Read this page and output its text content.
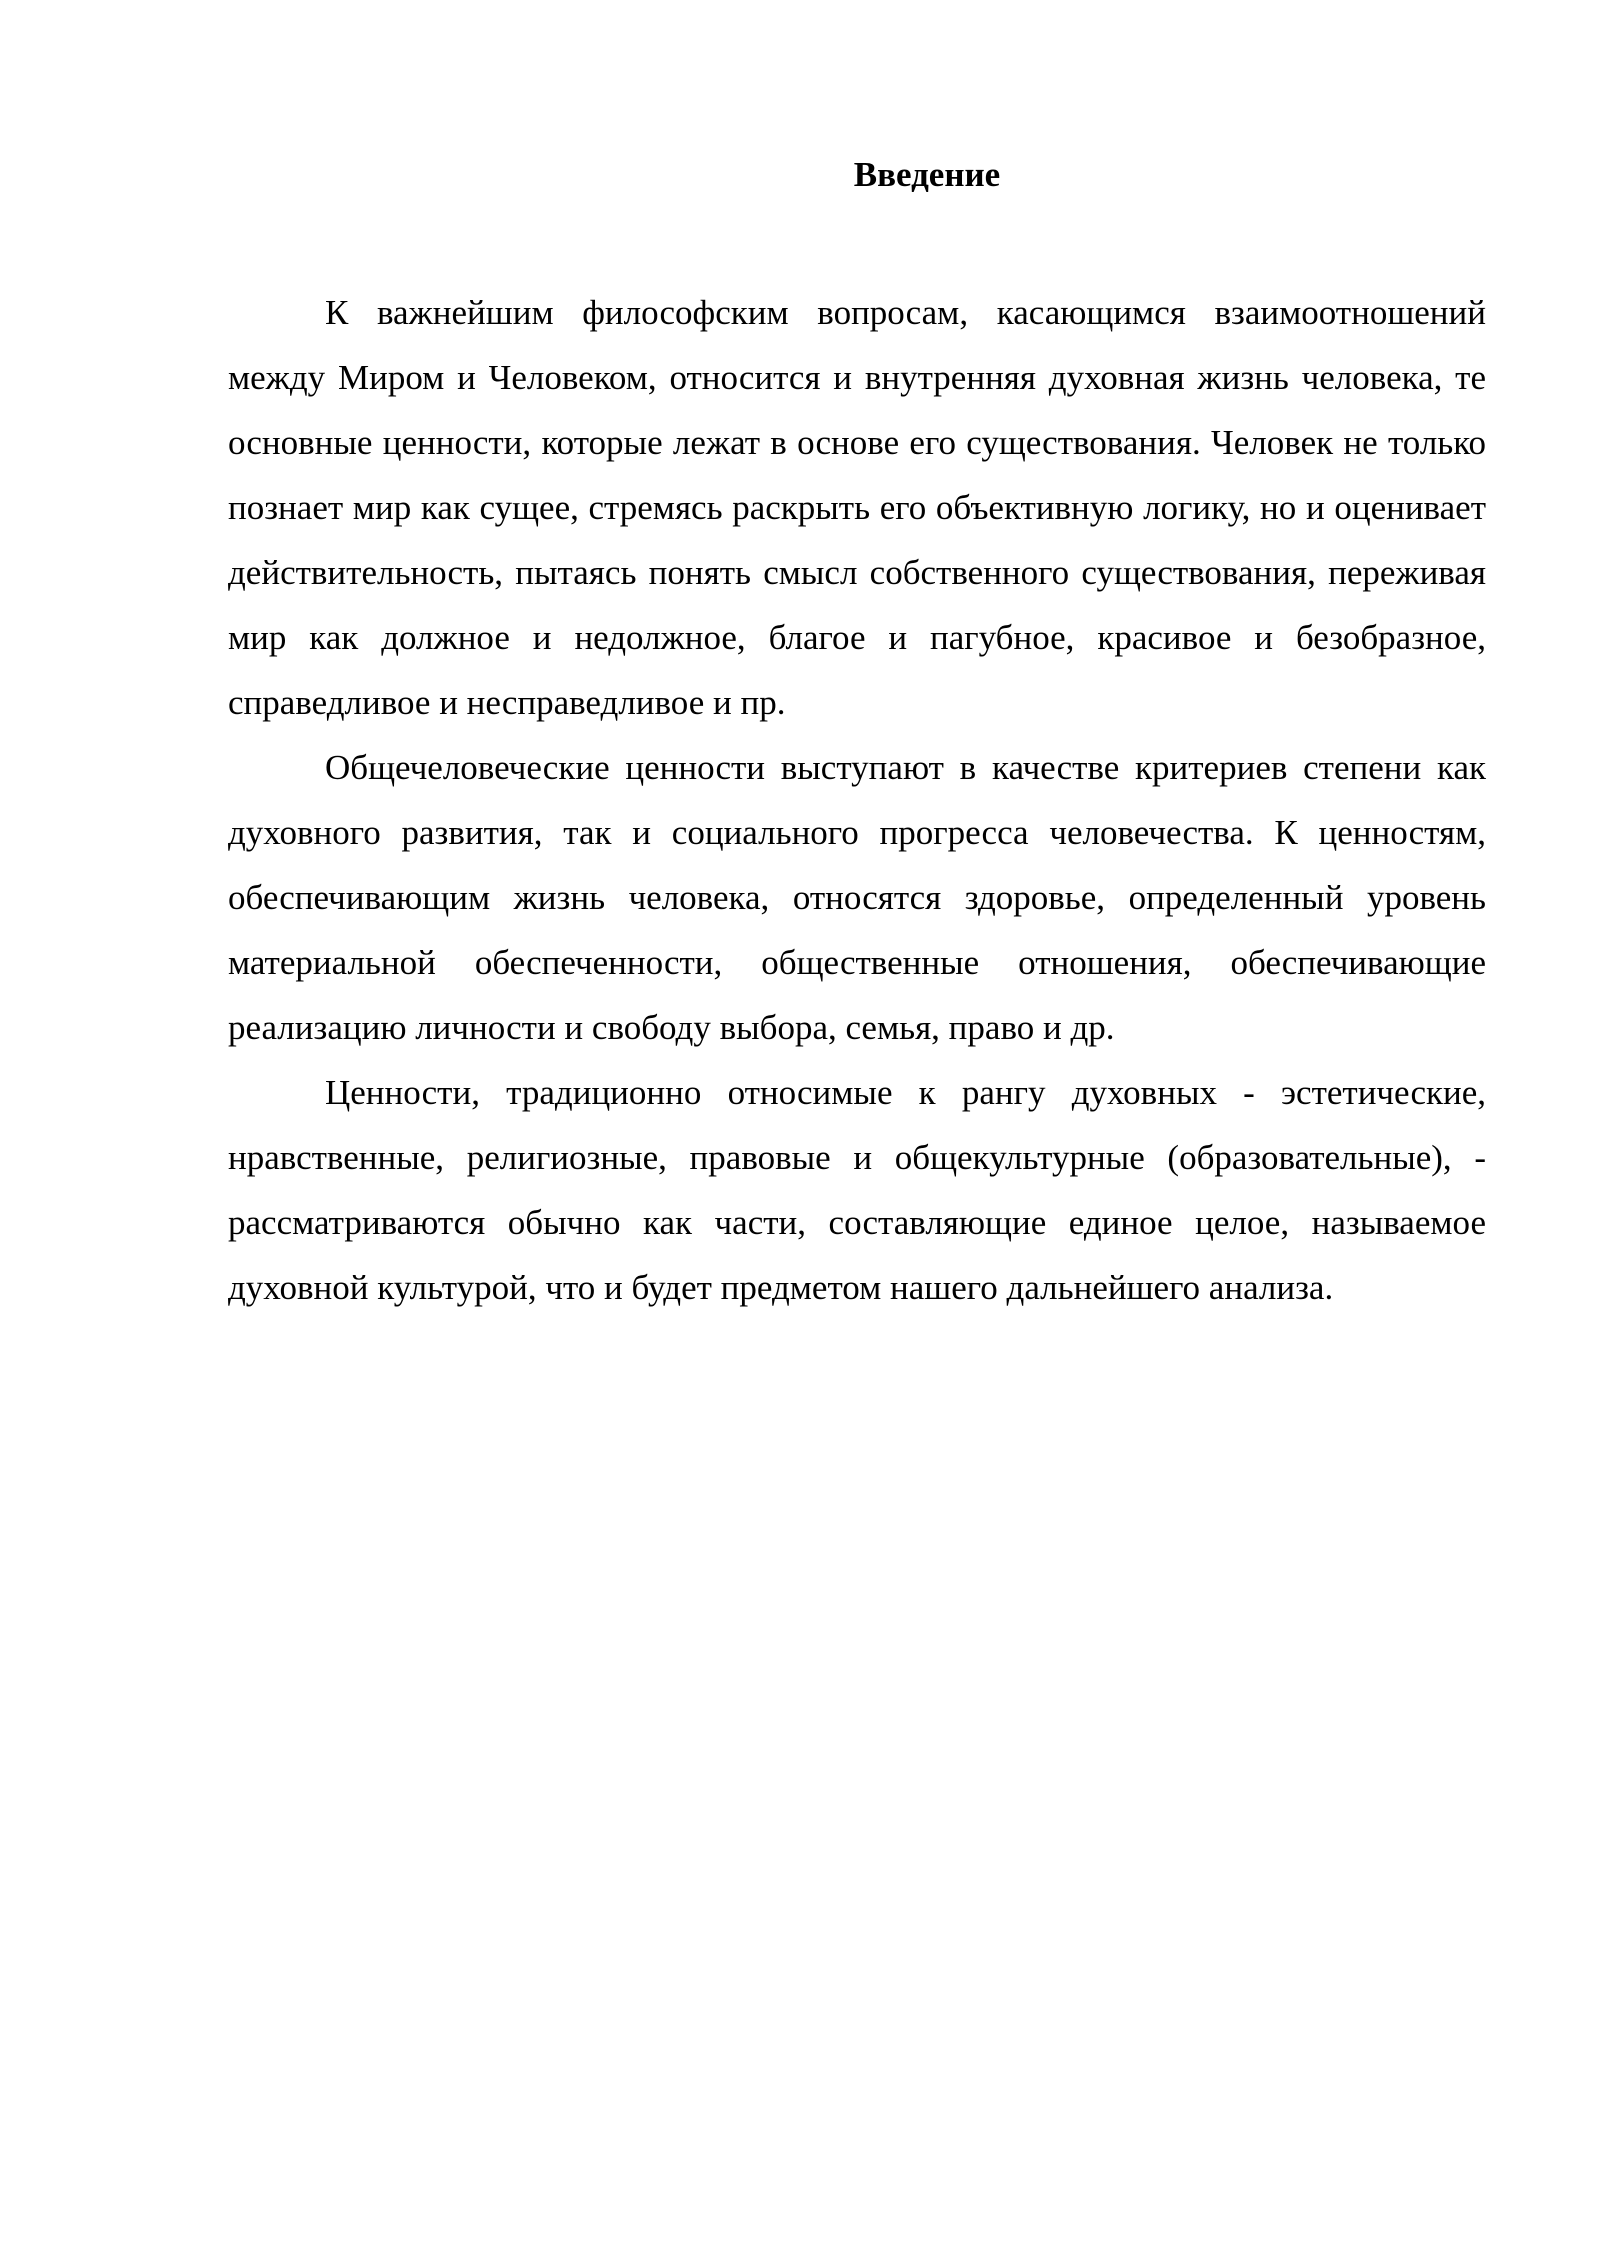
Введение

К важнейшим философским вопросам, касающимся взаимоотношений между Миром и Человеком, относится и внутренняя духовная жизнь человека, те основные ценности, которые лежат в основе его существования. Человек не только познает мир как сущее, стремясь раскрыть его объективную логику, но и оценивает действительность, пытаясь понять смысл собственного существования, переживая мир как должное и недолжное, благое и пагубное, красивое и безобразное, справедливое и несправедливое и пр.

Общечеловеческие ценности выступают в качестве критериев степени как духовного развития, так и социального прогресса человечества. К ценностям, обеспечивающим жизнь человека, относятся здоровье, определенный уровень материальной обеспеченности, общественные отношения, обеспечивающие реализацию личности и свободу выбора, семья, право и др.

Ценности, традиционно относимые к рангу духовных - эстетические, нравственные, религиозные, правовые и общекультурные (образовательные), - рассматриваются обычно как части, составляющие единое целое, называемое духовной культурой, что и будет предметом нашего дальнейшего анализа.
